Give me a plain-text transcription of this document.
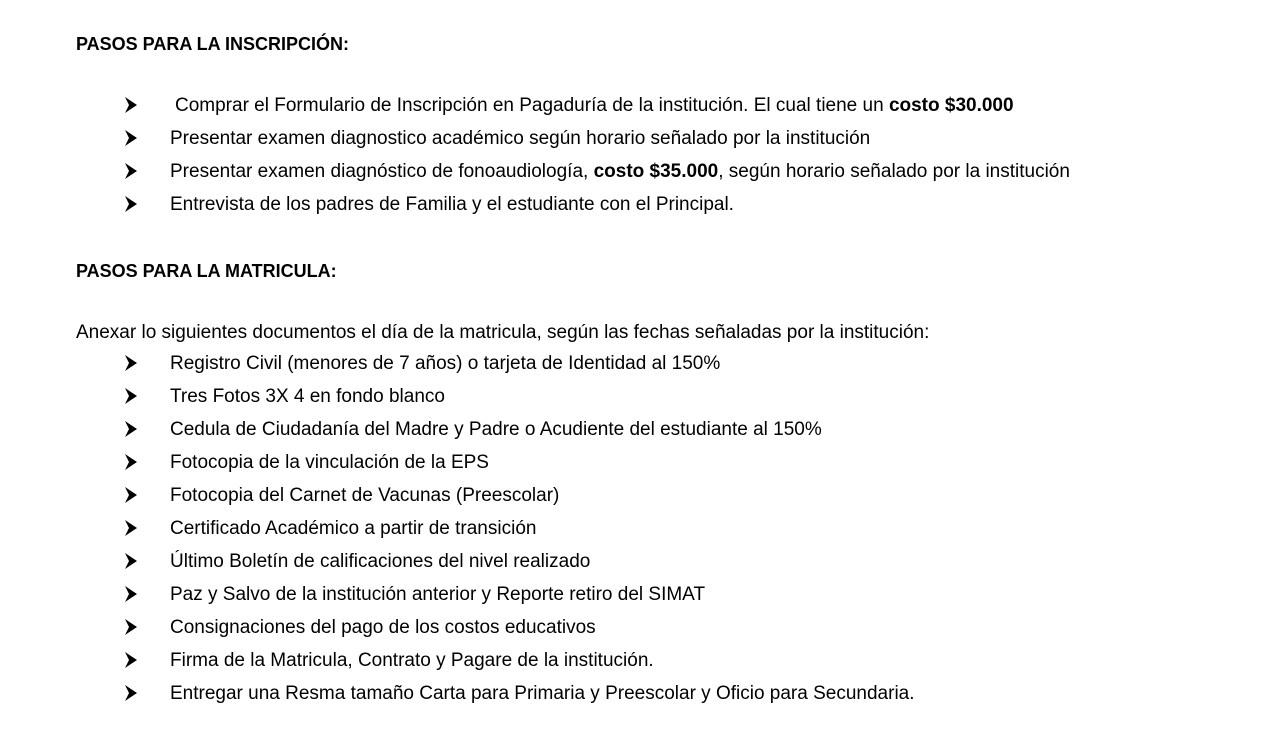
PASOS PARA LA INSCRIPCIÓN:
Comprar el Formulario de Inscripción en Pagaduría de la institución. El cual tiene un costo $30.000
Presentar examen diagnostico académico según horario señalado por la institución
Presentar examen diagnóstico de fonoaudiología, costo $35.000, según horario señalado por la institución
Entrevista de los padres de Familia y el estudiante con el Principal.
PASOS PARA LA MATRICULA:

Anexar lo siguientes documentos el día de la matricula, según las fechas señaladas por la institución:

Registro Civil (menores de 7 años) o tarjeta de Identidad al 150%
Tres Fotos 3X 4 en fondo blanco
Cedula de Ciudadanía del Madre y Padre o Acudiente del estudiante al 150%
Fotocopia de la vinculación de la EPS
Fotocopia del Carnet de Vacunas (Preescolar)
Certificado Académico a partir de transición
Último Boletín de calificaciones del nivel realizado
Paz y Salvo de la institución anterior y Reporte retiro del SIMAT
Consignaciones del pago de los costos educativos
Firma de la Matricula, Contrato y Pagare de la institución.
Entregar una Resma tamaño Carta para Primaria y Preescolar y Oficio para Secundaria.
